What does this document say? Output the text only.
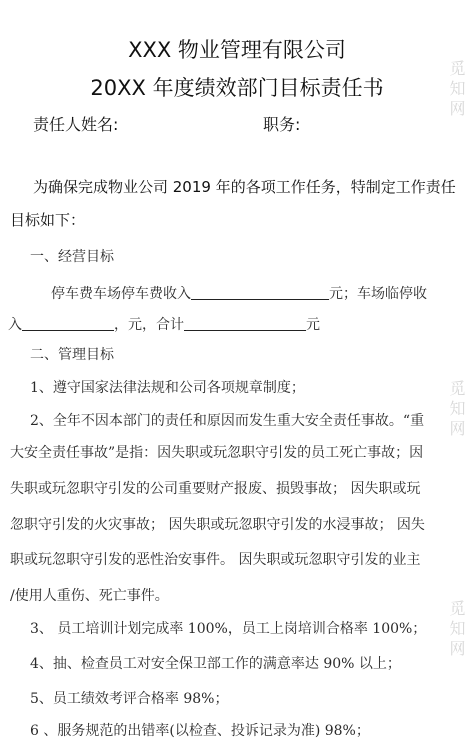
XXX 物业管理有限公司
20XX 年度绩效部门目标责任书
责任人姓名:	职务:
为确保完成物业公司 2019 年的各项工作任务，特制定工作责任
目标如下：
一、经营目标
停车费车场停车费收入	元；车场临停收
入	，元，合计	元
二、管理目标
1、遵守国家法律法规和公司各项规章制度；
2、全年不因本部门的责任和原因而发生重大安全责任事故。“重
大安全责任事故”是指：因失职或玩忽职守引发的员工死亡事故；因
失职或玩忽职守引发的公司重要财产报废、损毁事故； 因失职或玩
忽职守引发的火灾事故； 因失职或玩忽职守引发的水浸事故； 因失
职或玩忽职守引发的恶性治安事件。 因失职或玩忽职守引发的业主
/使用人重伤、死亡事件。
3、 员工培训计划完成率 100%，员工上岗培训合格率 100%；
4、抽、检查员工对安全保卫部工作的满意率达 90% 以上；
5、员工绩效考评合格率 98%；
6 、服务规范的出错率(以检查、投诉记录为准) 98%；
觅知网
觅知网
觅知网
